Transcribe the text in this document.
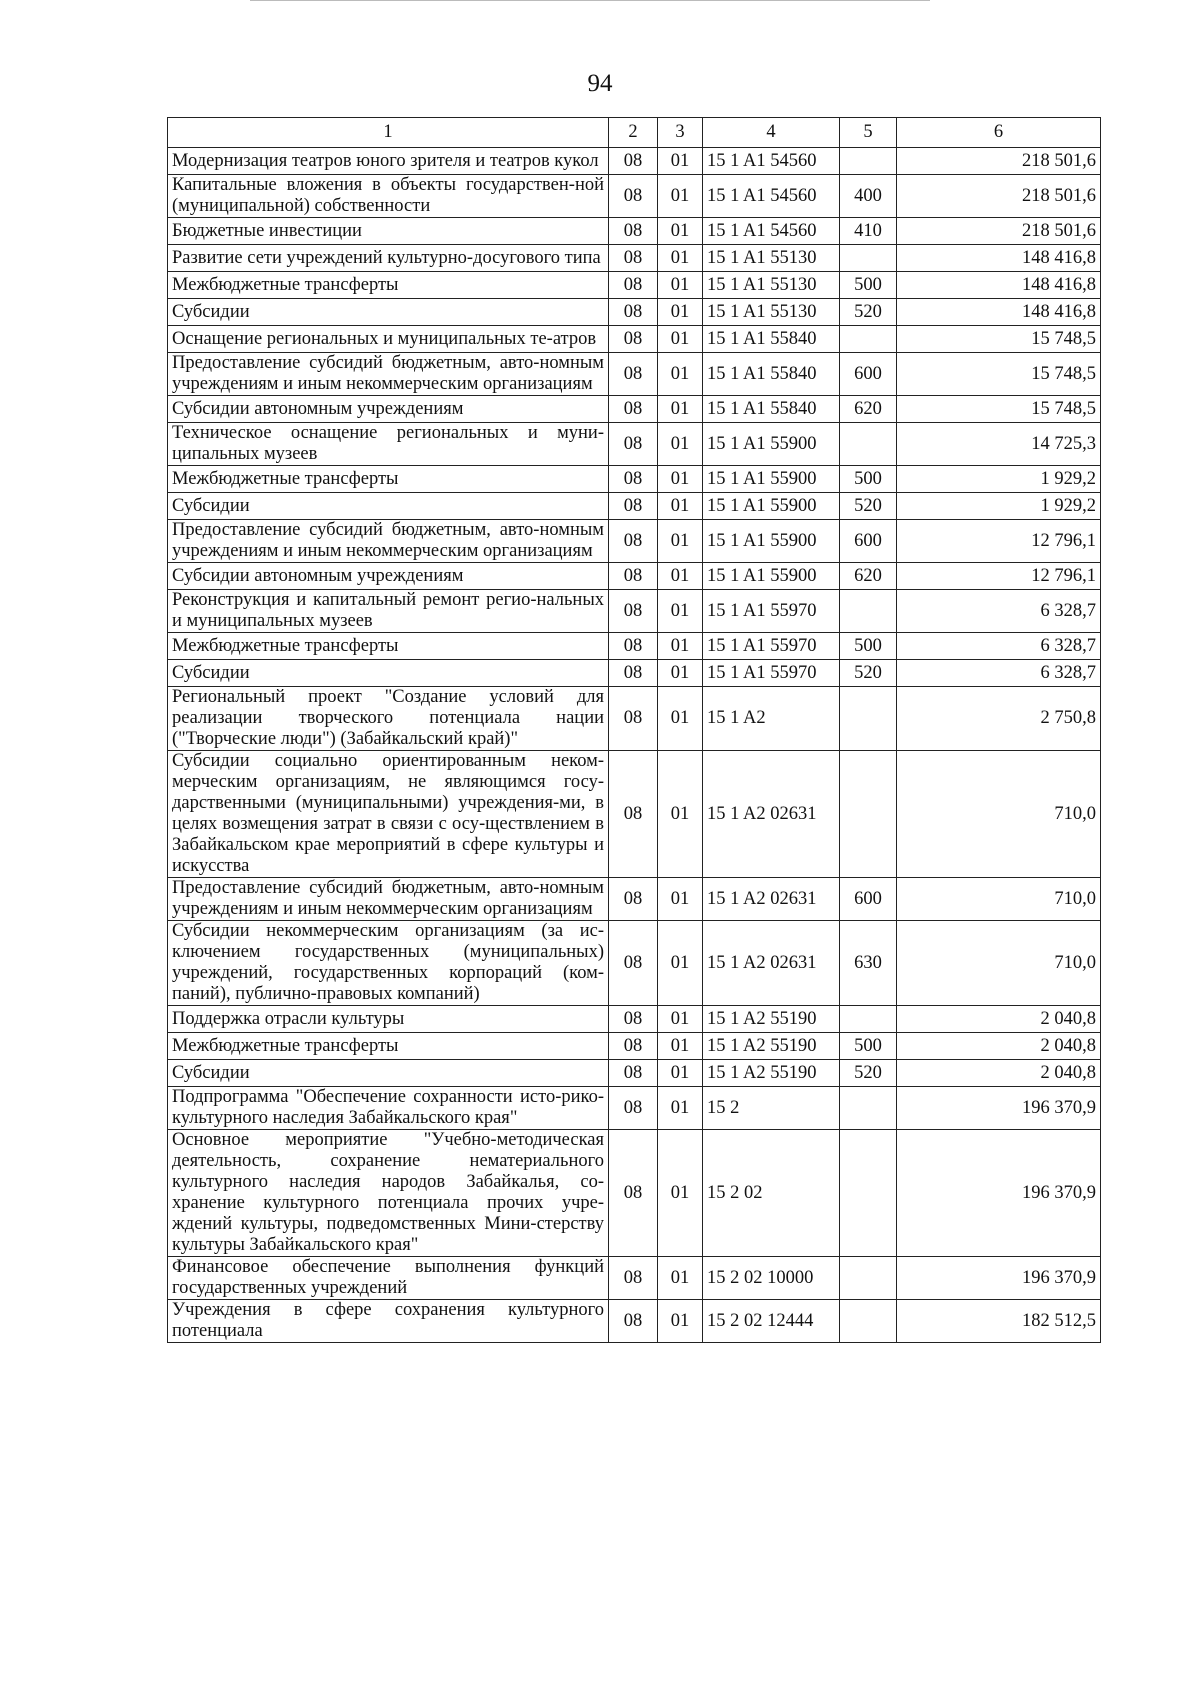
94
1	2	3	4	5	6
Модернизация театров юного зрителя и театров кукол	08	01	15 1 A1 54560		218 501,6
Капитальные вложения в объекты государствен-ной (муниципальной) собственности	08	01	15 1 A1 54560	400	218 501,6
Бюджетные инвестиции	08	01	15 1 A1 54560	410	218 501,6
Развитие сети учреждений культурно-досугового типа	08	01	15 1 A1 55130		148 416,8
Межбюджетные трансферты	08	01	15 1 A1 55130	500	148 416,8
Субсидии	08	01	15 1 A1 55130	520	148 416,8
Оснащение региональных и муниципальных те-атров	08	01	15 1 A1 55840		15 748,5
Предоставление субсидий бюджетным, авто-номным учреждениям и иным некоммерческим организациям	08	01	15 1 A1 55840	600	15 748,5
Субсидии автономным учреждениям	08	01	15 1 A1 55840	620	15 748,5
Техническое оснащение региональных и муни-ципальных музеев	08	01	15 1 A1 55900		14 725,3
Межбюджетные трансферты	08	01	15 1 A1 55900	500	1 929,2
Субсидии	08	01	15 1 A1 55900	520	1 929,2
Предоставление субсидий бюджетным, авто-номным учреждениям и иным некоммерческим организациям	08	01	15 1 A1 55900	600	12 796,1
Субсидии автономным учреждениям	08	01	15 1 A1 55900	620	12 796,1
Реконструкция и капитальный ремонт регио-нальных и муниципальных музеев	08	01	15 1 A1 55970		6 328,7
Межбюджетные трансферты	08	01	15 1 A1 55970	500	6 328,7
Субсидии	08	01	15 1 A1 55970	520	6 328,7
Региональный проект "Создание условий для реализации творческого потенциала нации ("Творческие люди") (Забайкальский край)"	08	01	15 1 A2		2 750,8
Субсидии социально ориентированным неком-мерческим организациям, не являющимся госу-дарственными (муниципальными) учреждения-ми, в целях возмещения затрат в связи с осу-ществлением в Забайкальском крае мероприятий в сфере культуры и искусства	08	01	15 1 A2 02631		710,0
Предоставление субсидий бюджетным, авто-номным учреждениям и иным некоммерческим организациям	08	01	15 1 A2 02631	600	710,0
Субсидии некоммерческим организациям (за ис-ключением государственных (муниципальных) учреждений, государственных корпораций (ком-паний), публично-правовых компаний)	08	01	15 1 A2 02631	630	710,0
Поддержка отрасли культуры	08	01	15 1 A2 55190		2 040,8
Межбюджетные трансферты	08	01	15 1 A2 55190	500	2 040,8
Субсидии	08	01	15 1 A2 55190	520	2 040,8
Подпрограмма "Обеспечение сохранности исто-рико-культурного наследия Забайкальского края"	08	01	15 2		196 370,9
Основное мероприятие "Учебно-методическая деятельность, сохранение нематериального культурного наследия народов Забайкалья, со-хранение культурного потенциала прочих учре-ждений культуры, подведомственных Мини-стерству культуры Забайкальского края"	08	01	15 2 02		196 370,9
Финансовое обеспечение выполнения функций государственных учреждений	08	01	15 2 02 10000		196 370,9
Учреждения в сфере сохранения культурного потенциала	08	01	15 2 02 12444		182 512,5
